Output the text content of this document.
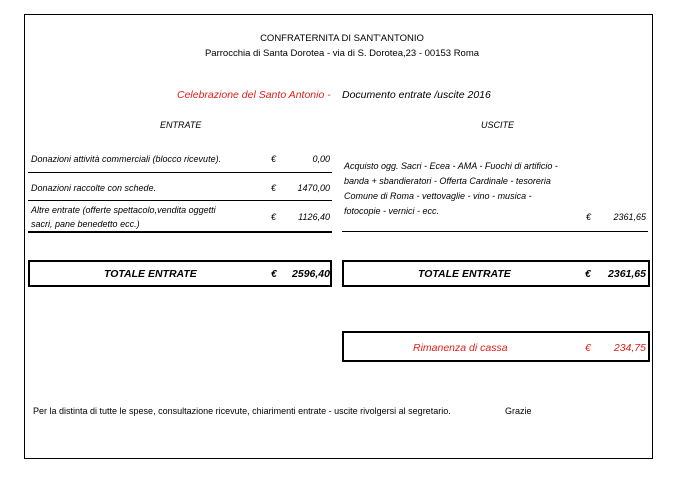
CONFRATERNITA DI SANT'ANTONIO
Parrocchia di Santa Dorotea - via di S. Dorotea,23 - 00153 Roma
Celebrazione del Santo Antonio - Documento entrate /uscite 2016
ENTRATE	USCITE
Donazioni attività commerciali (blocco ricevute).	€	0,00
Donazioni raccolte con schede.	€	1470,00
Altre entrate (offerte spettacolo,vendita oggetti
sacri, pane benedetto ecc.)
€	1126,40
Acquisto ogg. Sacri - Ecea - AMA - Fuochi di artificio -
banda + sbandieratori - Offerta Cardinale - tesoreria
Comune di Roma - vettovaglie - vino - musica -
fotocopie - vernici - ecc.
€	2361,65
TOTALE ENTRATE	€	2596,40	TOTALE ENTRATE	€	2361,65
Rimanenza di cassa	€	234,75
Per la distinta di tutte le spese, consultazione ricevute, chiarimenti entrate - uscite rivolgersi al segretario.	Grazie
